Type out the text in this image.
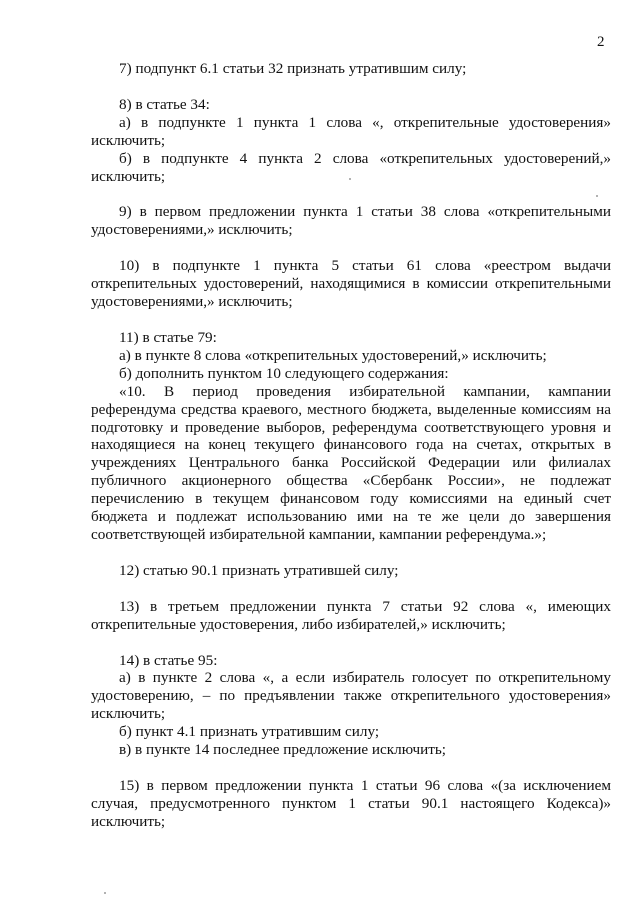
2

7) подпункт 6.1 статьи 32 признать утратившим силу;

8) в статье 34:

а) в подпункте 1 пункта 1 слова «, открепительные удостоверения» исключить;

б) в подпункте 4 пункта 2 слова «открепительных удостоверений,» исключить;

9) в первом предложении пункта 1 статьи 38 слова «открепительными удостоверениями,» исключить;

10) в подпункте 1 пункта 5 статьи 61 слова «реестром выдачи открепительных удостоверений, находящимися в комиссии открепительными удостоверениями,» исключить;

11) в статье 79:

а) в пункте 8 слова «открепительных удостоверений,» исключить;

б) дополнить пунктом 10 следующего содержания:

«10. В период проведения избирательной кампании, кампании референдума средства краевого, местного бюджета, выделенные комиссиям на подготовку и проведение выборов, референдума соответствующего уровня и находящиеся на конец текущего финансового года на счетах, открытых в учреждениях Центрального банка Российской Федерации или филиалах публичного акционерного общества «Сбербанк России», не подлежат перечислению в текущем финансовом году комиссиями на единый счет бюджета и подлежат использованию ими на те же цели до завершения соответствующей избирательной кампании, кампании референдума.»;

12) статью 90.1 признать утратившей силу;

13) в третьем предложении пункта 7 статьи 92 слова «, имеющих открепительные удостоверения, либо избирателей,» исключить;

14) в статье 95:

а) в пункте 2 слова «, а если избиратель голосует по открепительному удостоверению, – по предъявлении также открепительного удостоверения» исключить;

б) пункт 4.1 признать утратившим силу;

в) в пункте 14 последнее предложение исключить;

15) в первом предложении пункта 1 статьи 96 слова «(за исключением случая, предусмотренного пунктом 1 статьи 90.1 настоящего Кодекса)» исключить;
